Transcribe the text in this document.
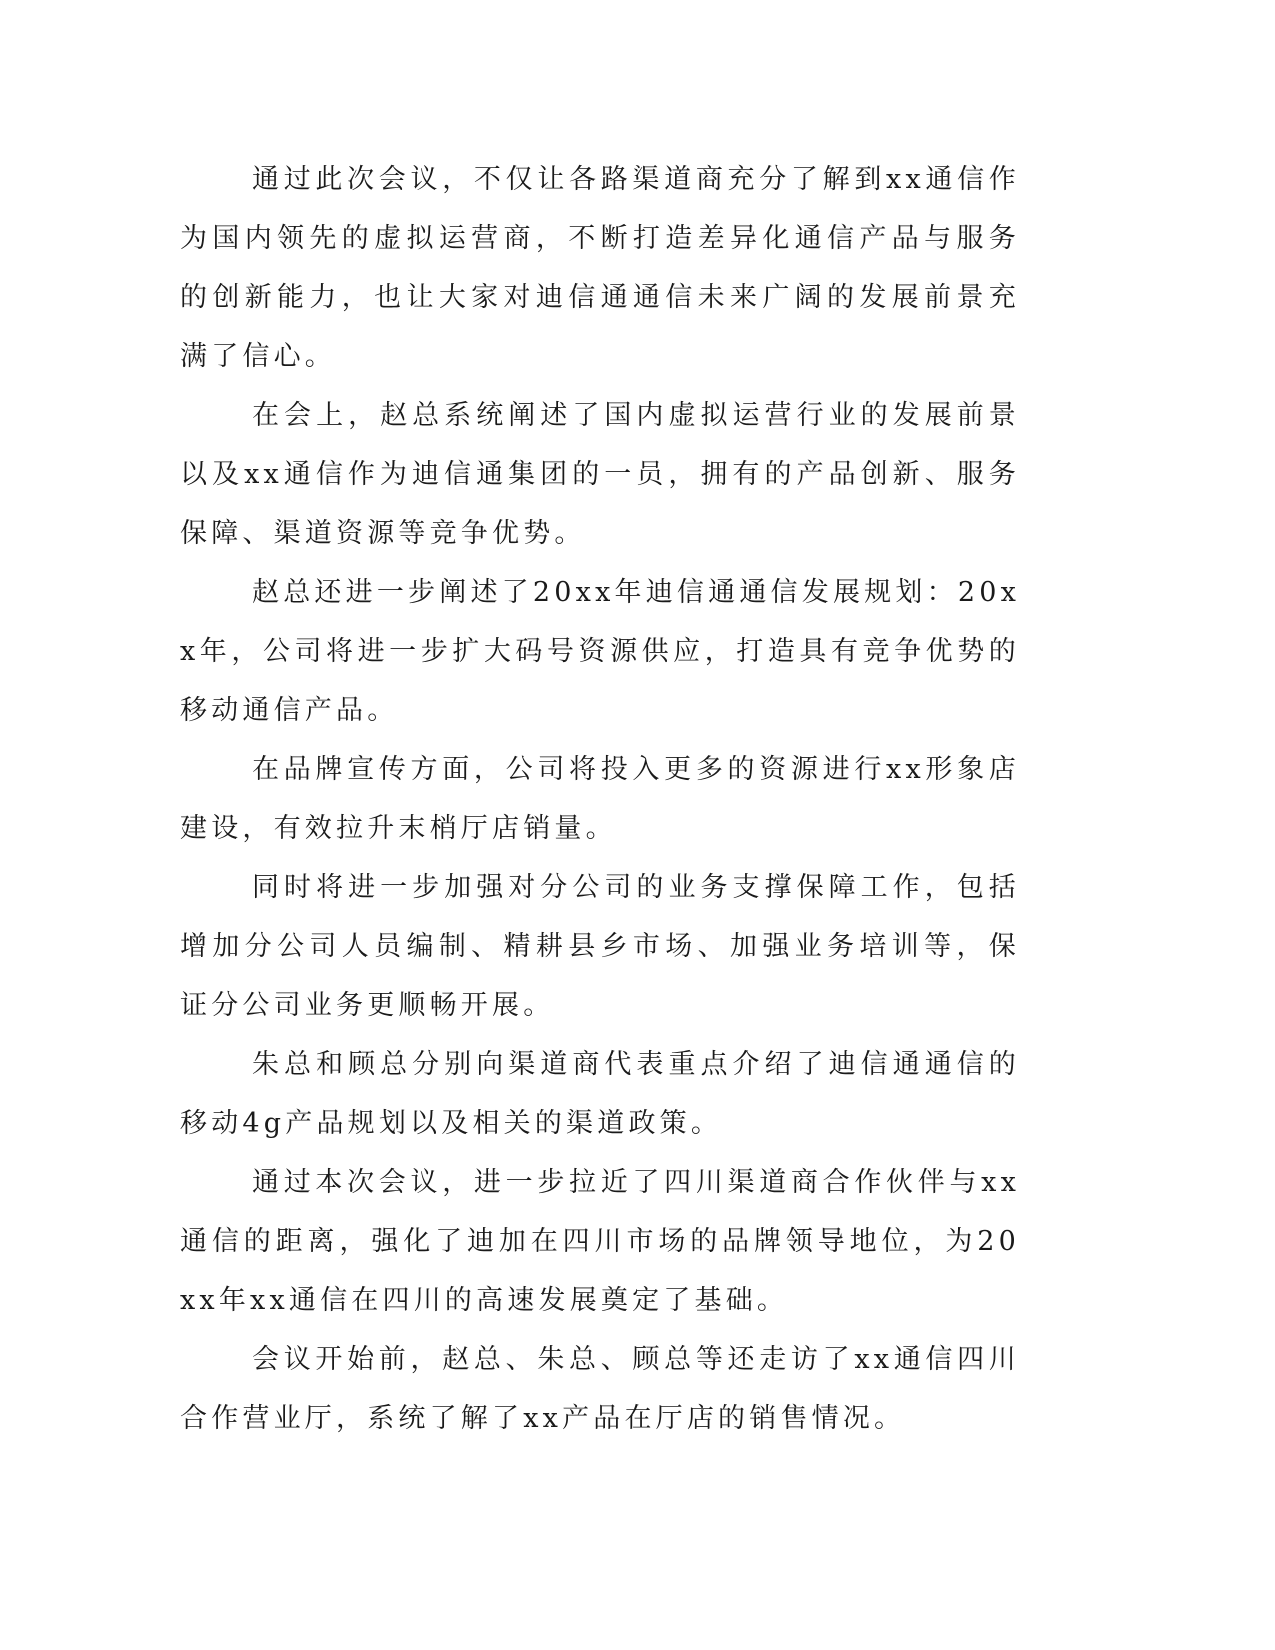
通过此次会议，不仅让各路渠道商充分了解到xx通信作为国内领先的虚拟运营商，不断打造差异化通信产品与服务的创新能力，也让大家对迪信通通信未来广阔的发展前景充满了信心。

在会上，赵总系统阐述了国内虚拟运营行业的发展前景以及xx通信作为迪信通集团的一员，拥有的产品创新、服务保障、渠道资源等竞争优势。

赵总还进一步阐述了20xx年迪信通通信发展规划：20xx年，公司将进一步扩大码号资源供应，打造具有竞争优势的移动通信产品。

在品牌宣传方面，公司将投入更多的资源进行xx形象店建设，有效拉升末梢厅店销量。

同时将进一步加强对分公司的业务支撑保障工作，包括增加分公司人员编制、精耕县乡市场、加强业务培训等，保证分公司业务更顺畅开展。

朱总和顾总分别向渠道商代表重点介绍了迪信通通信的移动4g产品规划以及相关的渠道政策。

通过本次会议，进一步拉近了四川渠道商合作伙伴与xx通信的距离，强化了迪加在四川市场的品牌领导地位，为20xx年xx通信在四川的高速发展奠定了基础。

会议开始前，赵总、朱总、顾总等还走访了xx通信四川合作营业厅，系统了解了xx产品在厅店的销售情况。
